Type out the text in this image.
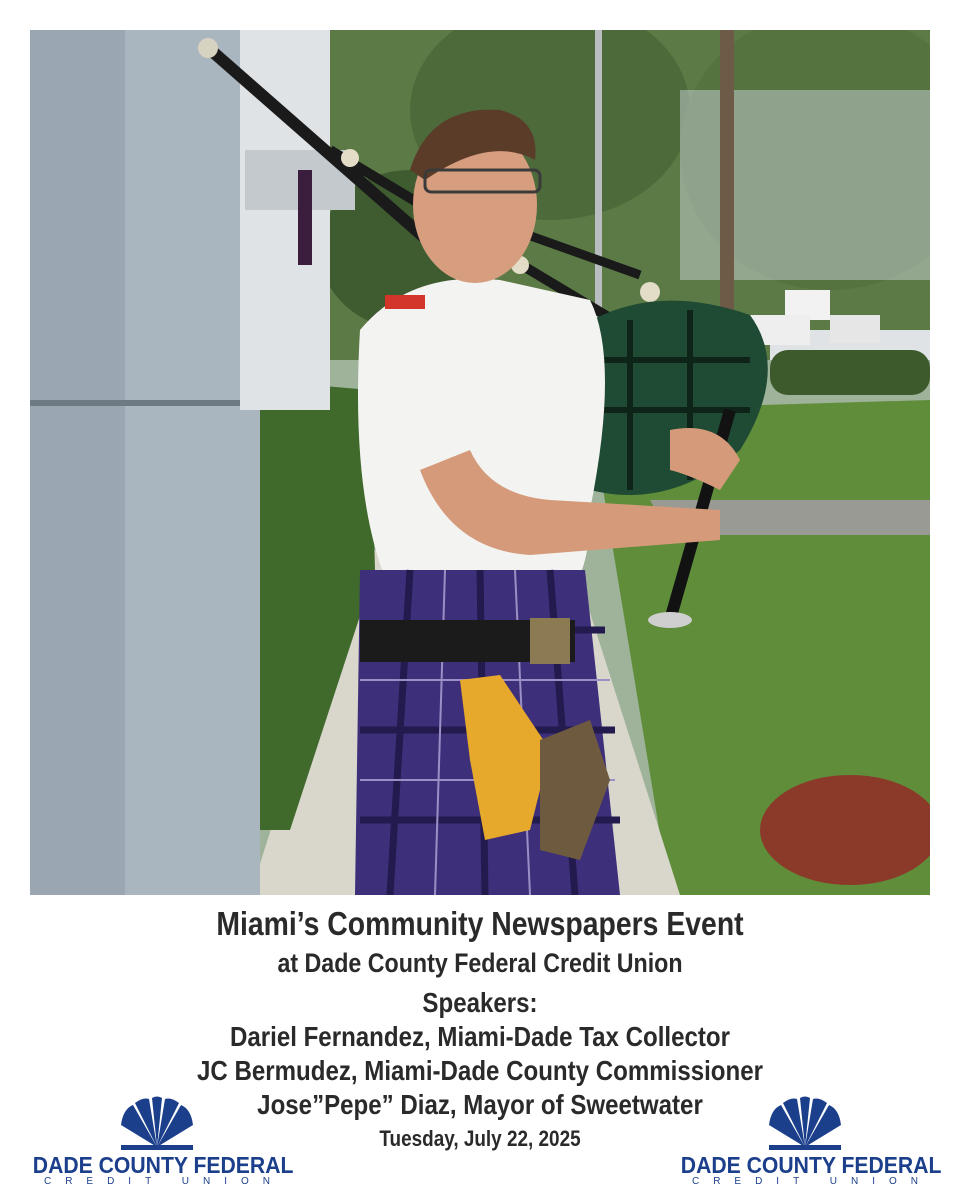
Miami’s Community Newspapers Event
at Dade County Federal Credit Union
Speakers:
Dariel Fernandez, Miami-Dade Tax Collector
JC Bermudez, Miami-Dade County Commissioner
Jose”Pepe” Diaz, Mayor of Sweetwater
Tuesday, July 22, 2025
DADE COUNTY FEDERAL
CREDIT UNION
DADE COUNTY FEDERAL
CREDIT UNION
